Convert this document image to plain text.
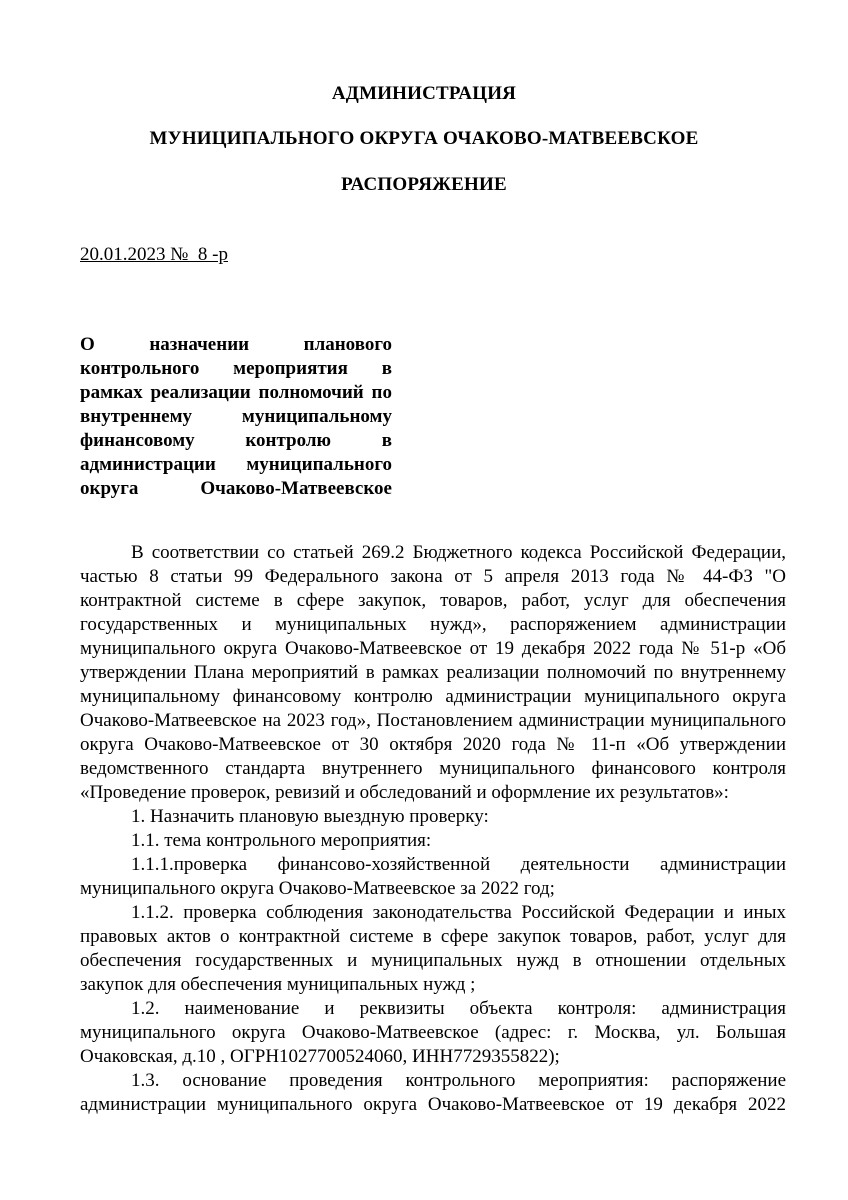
АДМИНИСТРАЦИЯ
МУНИЦИПАЛЬНОГО ОКРУГА ОЧАКОВО-МАТВЕЕВСКОЕ
РАСПОРЯЖЕНИЕ
20.01.2023 №  8 -р
О назначении планового контрольного мероприятия в рамках реализации полномочий по внутреннему муниципальному финансовому контролю в администрации муниципального округа Очаково-Матвеевское

В соответствии со статьей 269.2 Бюджетного кодекса Российской Федерации, частью 8 статьи 99 Федерального закона от 5 апреля 2013 года № 44-ФЗ "О контрактной системе в сфере закупок, товаров, работ, услуг для обеспечения государственных и муниципальных нужд», распоряжением администрации муниципального округа Очаково-Матвеевское от 19 декабря 2022 года № 51-р «Об утверждении Плана мероприятий в рамках реализации полномочий по внутреннему муниципальному финансовому контролю администрации муниципального округа Очаково-Матвеевское на 2023 год», Постановлением администрации муниципального округа Очаково-Матвеевское от 30 октября 2020 года № 11-п «Об утверждении ведомственного стандарта внутреннего муниципального финансового контроля «Проведение проверок, ревизий и обследований и оформление их результатов»:

1. Назначить плановую выездную проверку:

1.1. тема контрольного мероприятия:

1.1.1.проверка финансово-хозяйственной деятельности администрации муниципального округа Очаково-Матвеевское за 2022 год;

1.1.2. проверка соблюдения законодательства Российской Федерации и иных правовых актов о контрактной системе в сфере закупок товаров, работ, услуг для обеспечения государственных и муниципальных нужд в отношении отдельных закупок для обеспечения муниципальных нужд ;

1.2. наименование и реквизиты объекта контроля: администрация муниципального округа Очаково-Матвеевское (адрес: г. Москва, ул. Большая Очаковская, д.10 , ОГРН1027700524060, ИНН7729355822);

1.3. основание проведения контрольного мероприятия: распоряжение администрации муниципального округа Очаково-Матвеевское от 19 декабря 2022
